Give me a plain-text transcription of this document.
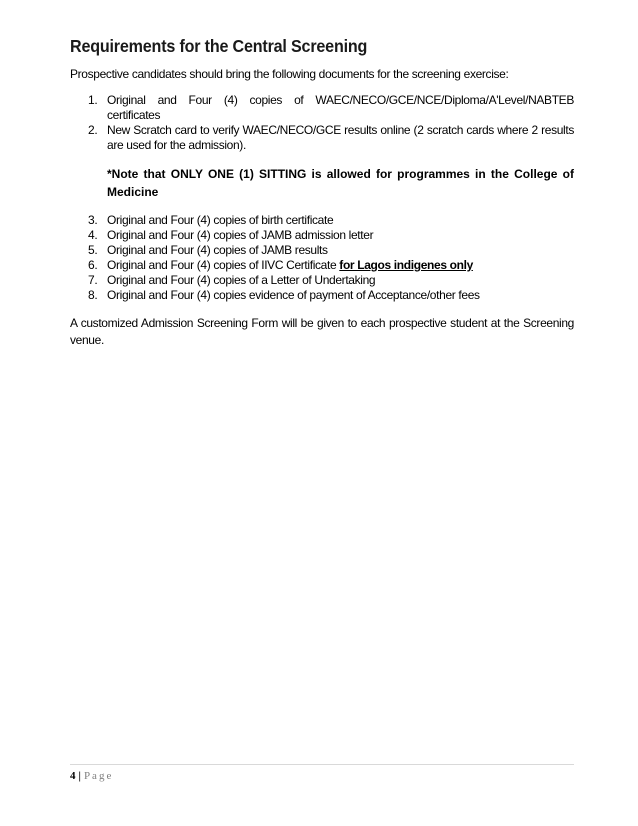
Requirements for the Central Screening

Prospective candidates should bring the following documents for the screening exercise:

1. Original and Four (4) copies of WAEC/NECO/GCE/NCE/Diploma/A'Level/NABTEB certificates
2. New Scratch card to verify WAEC/NECO/GCE results online (2 scratch cards where 2 results are used for the admission).

*Note that ONLY ONE (1) SITTING is allowed for programmes in the College of Medicine

3. Original and Four (4) copies of birth certificate
4. Original and Four (4) copies of JAMB admission letter
5. Original and Four (4) copies of JAMB results
6. Original and Four (4) copies of IIVC Certificate for Lagos indigenes only
7. Original and Four (4) copies of a Letter of Undertaking
8. Original and Four (4) copies evidence of payment of Acceptance/other fees

A customized Admission Screening Form will be given to each prospective student at the Screening venue.

4 | Page
